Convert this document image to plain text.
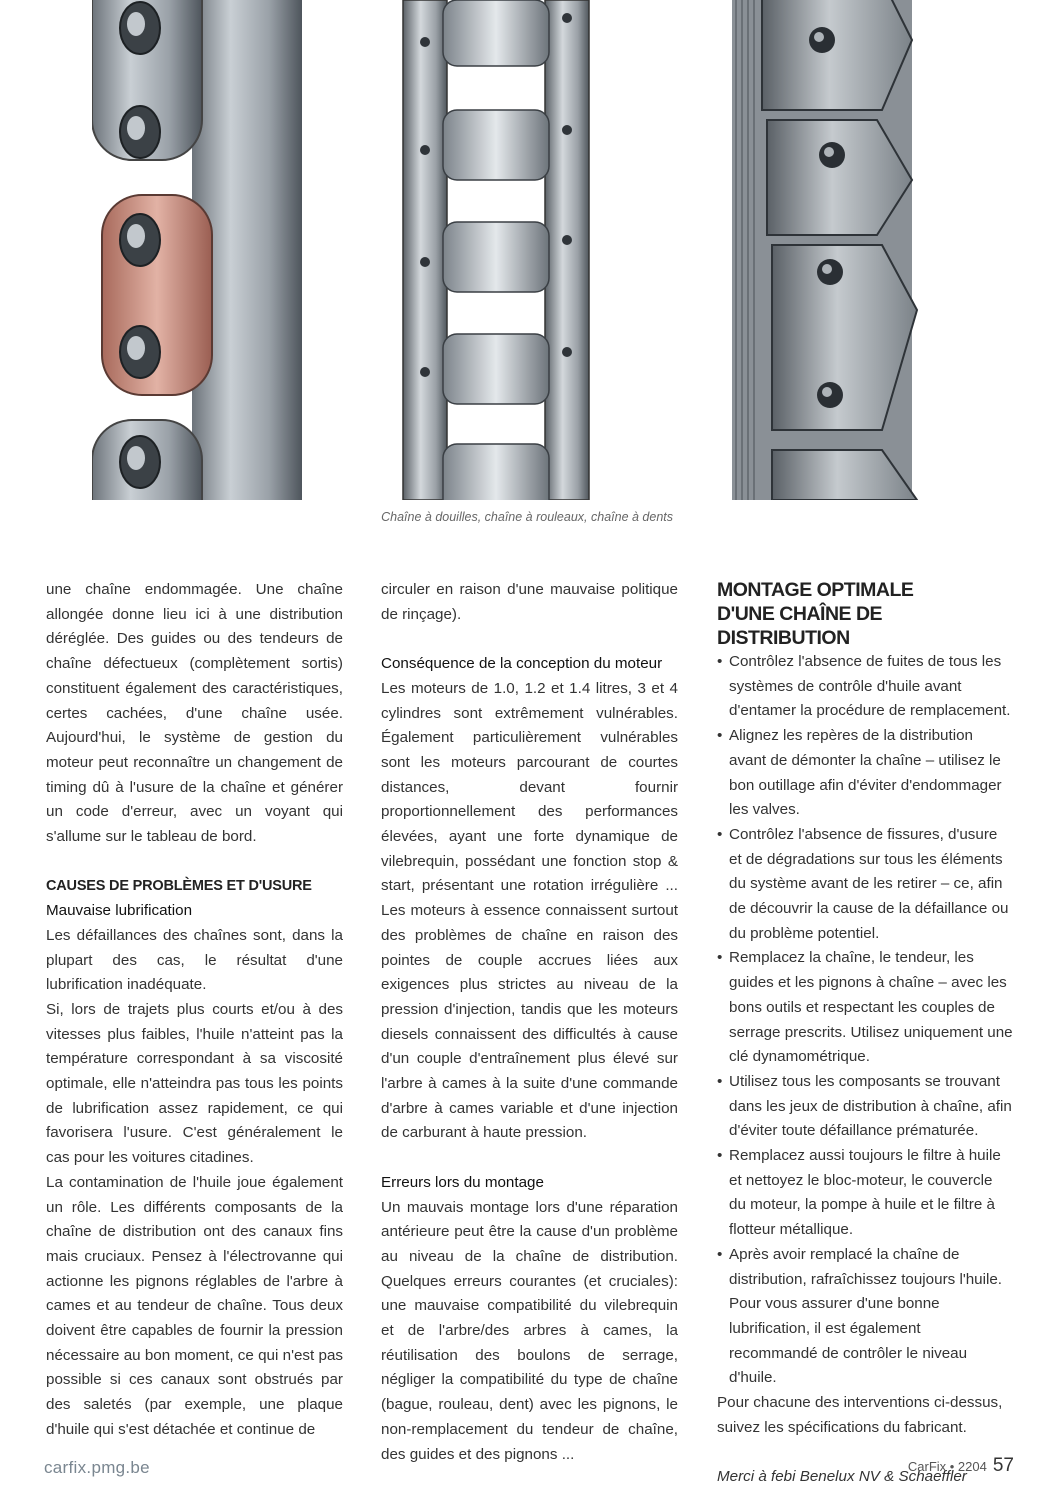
Chaîne à douilles, chaîne à rouleaux, chaîne à dents

une chaîne endommagée. Une chaîne allongée donne lieu ici à une distribution déréglée. Des guides ou des tendeurs de chaîne défectueux (complètement sortis) constituent également des caractéristiques, certes cachées, d'une chaîne usée. Aujourd'hui, le système de gestion du moteur peut reconnaître un changement de timing dû à l'usure de la chaîne et générer un code d'erreur, avec un voyant qui s'allume sur le tableau de bord.

CAUSES DE PROBLÈMES ET D'USURE

Mauvaise lubrification

Les défaillances des chaînes sont, dans la plupart des cas, le résultat d'une lubrification inadéquate.

Si, lors de trajets plus courts et/ou à des vitesses plus faibles, l'huile n'atteint pas la température correspondant à sa viscosité optimale, elle n'atteindra pas tous les points de lubrification assez rapidement, ce qui favorisera l'usure. C'est généralement le cas pour les voitures citadines.

La contamination de l'huile joue également un rôle. Les différents composants de la chaîne de distribution ont des canaux fins mais cruciaux. Pensez à l'électrovanne qui actionne les pignons réglables de l'arbre à cames et au tendeur de chaîne. Tous deux doivent être capables de fournir la pression nécessaire au bon moment, ce qui n'est pas possible si ces canaux sont obstrués par des saletés (par exemple, une plaque d'huile qui s'est détachée et continue de

circuler en raison d'une mauvaise politique de rinçage).

Conséquence de la conception du moteur

Les moteurs de 1.0, 1.2 et 1.4 litres, 3 et 4 cylindres sont extrêmement vulnérables. Également particulièrement vulnérables sont les moteurs parcourant de courtes distances, devant fournir proportionnellement des performances élevées, ayant une forte dynamique de vilebrequin, possédant une fonction stop & start, présentant une rotation irrégulière ... Les moteurs à essence connaissent surtout des problèmes de chaîne en raison des pointes de couple accrues liées aux exigences plus strictes au niveau de la pression d'injection, tandis que les moteurs diesels connaissent des difficultés à cause d'un couple d'entraînement plus élevé sur l'arbre à cames à la suite d'une commande d'arbre à cames variable et d'une injection de carburant à haute pression.

Erreurs lors du montage

Un mauvais montage lors d'une réparation antérieure peut être la cause d'un problème au niveau de la chaîne de distribution. Quelques erreurs courantes (et cruciales): une mauvaise compatibilité du vilebrequin et de l'arbre/des arbres à cames, la réutilisation des boulons de serrage, négliger la compatibilité du type de chaîne (bague, rouleau, dent) avec les pignons, le non-remplacement du tendeur de chaîne, des guides et des pignons ...

MONTAGE OPTIMALE
D'UNE CHAÎNE DE DISTRIBUTION

• Contrôlez l'absence de fuites de tous les systèmes de contrôle d'huile avant d'entamer la procédure de remplacement.
• Alignez les repères de la distribution avant de démonter la chaîne – utilisez le bon outillage afin d'éviter d'endommager les valves.
• Contrôlez l'absence de fissures, d'usure et de dégradations sur tous les éléments du système avant de les retirer – ce, afin de découvrir la cause de la défaillance ou du problème potentiel.
• Remplacez la chaîne, le tendeur, les guides et les pignons à chaîne – avec les bons outils et respectant les couples de serrage prescrits. Utilisez uniquement une clé dynamométrique.
• Utilisez tous les composants se trouvant dans les jeux de distribution à chaîne, afin d'éviter toute défaillance prématurée.
• Remplacez aussi toujours le filtre à huile et nettoyez le bloc-moteur, le couvercle du moteur, la pompe à huile et le filtre à flotteur métallique.
• Après avoir remplacé la chaîne de distribution, rafraîchissez toujours l'huile. Pour vous assurer d'une bonne lubrification, il est également recommandé de contrôler le niveau d'huile.

Pour chacune des interventions ci-dessus, suivez les spécifications du fabricant.

Merci à febi Benelux NV & Schaeffler

carfix.pmg.be	CarFix • 2204 57
